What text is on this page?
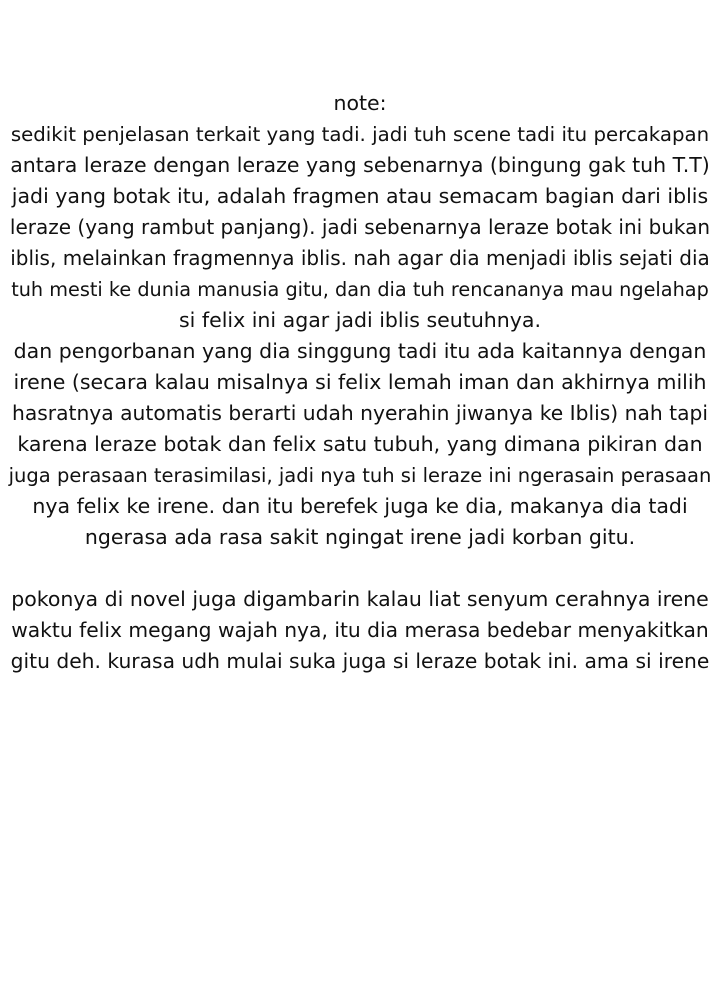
note:
sedikit penjelasan terkait yang tadi. jadi tuh scene tadi itu percakapan
antara leraze dengan leraze yang sebenarnya (bingung gak tuh T.T)
jadi yang botak itu, adalah fragmen atau semacam bagian dari iblis
leraze (yang rambut panjang). jadi sebenarnya leraze botak ini bukan
iblis, melainkan fragmennya iblis. nah agar dia menjadi iblis sejati dia
tuh mesti ke dunia manusia gitu, dan dia tuh rencananya mau ngelahap
si felix ini agar jadi iblis seutuhnya.
dan pengorbanan yang dia singgung tadi itu ada kaitannya dengan
irene (secara kalau misalnya si felix lemah iman dan akhirnya milih
hasratnya automatis berarti udah nyerahin jiwanya ke Iblis) nah tapi
karena leraze botak dan felix satu tubuh, yang dimana pikiran dan
juga perasaan terasimilasi, jadi nya tuh si leraze ini ngerasain perasaan
nya felix ke irene. dan itu berefek juga ke dia, makanya dia tadi
ngerasa ada rasa sakit ngingat irene jadi korban gitu.
pokonya di novel juga digambarin kalau liat senyum cerahnya irene
waktu felix megang wajah nya, itu dia merasa bedebar menyakitkan
gitu deh. kurasa udh mulai suka juga si leraze botak ini. ama si irene
